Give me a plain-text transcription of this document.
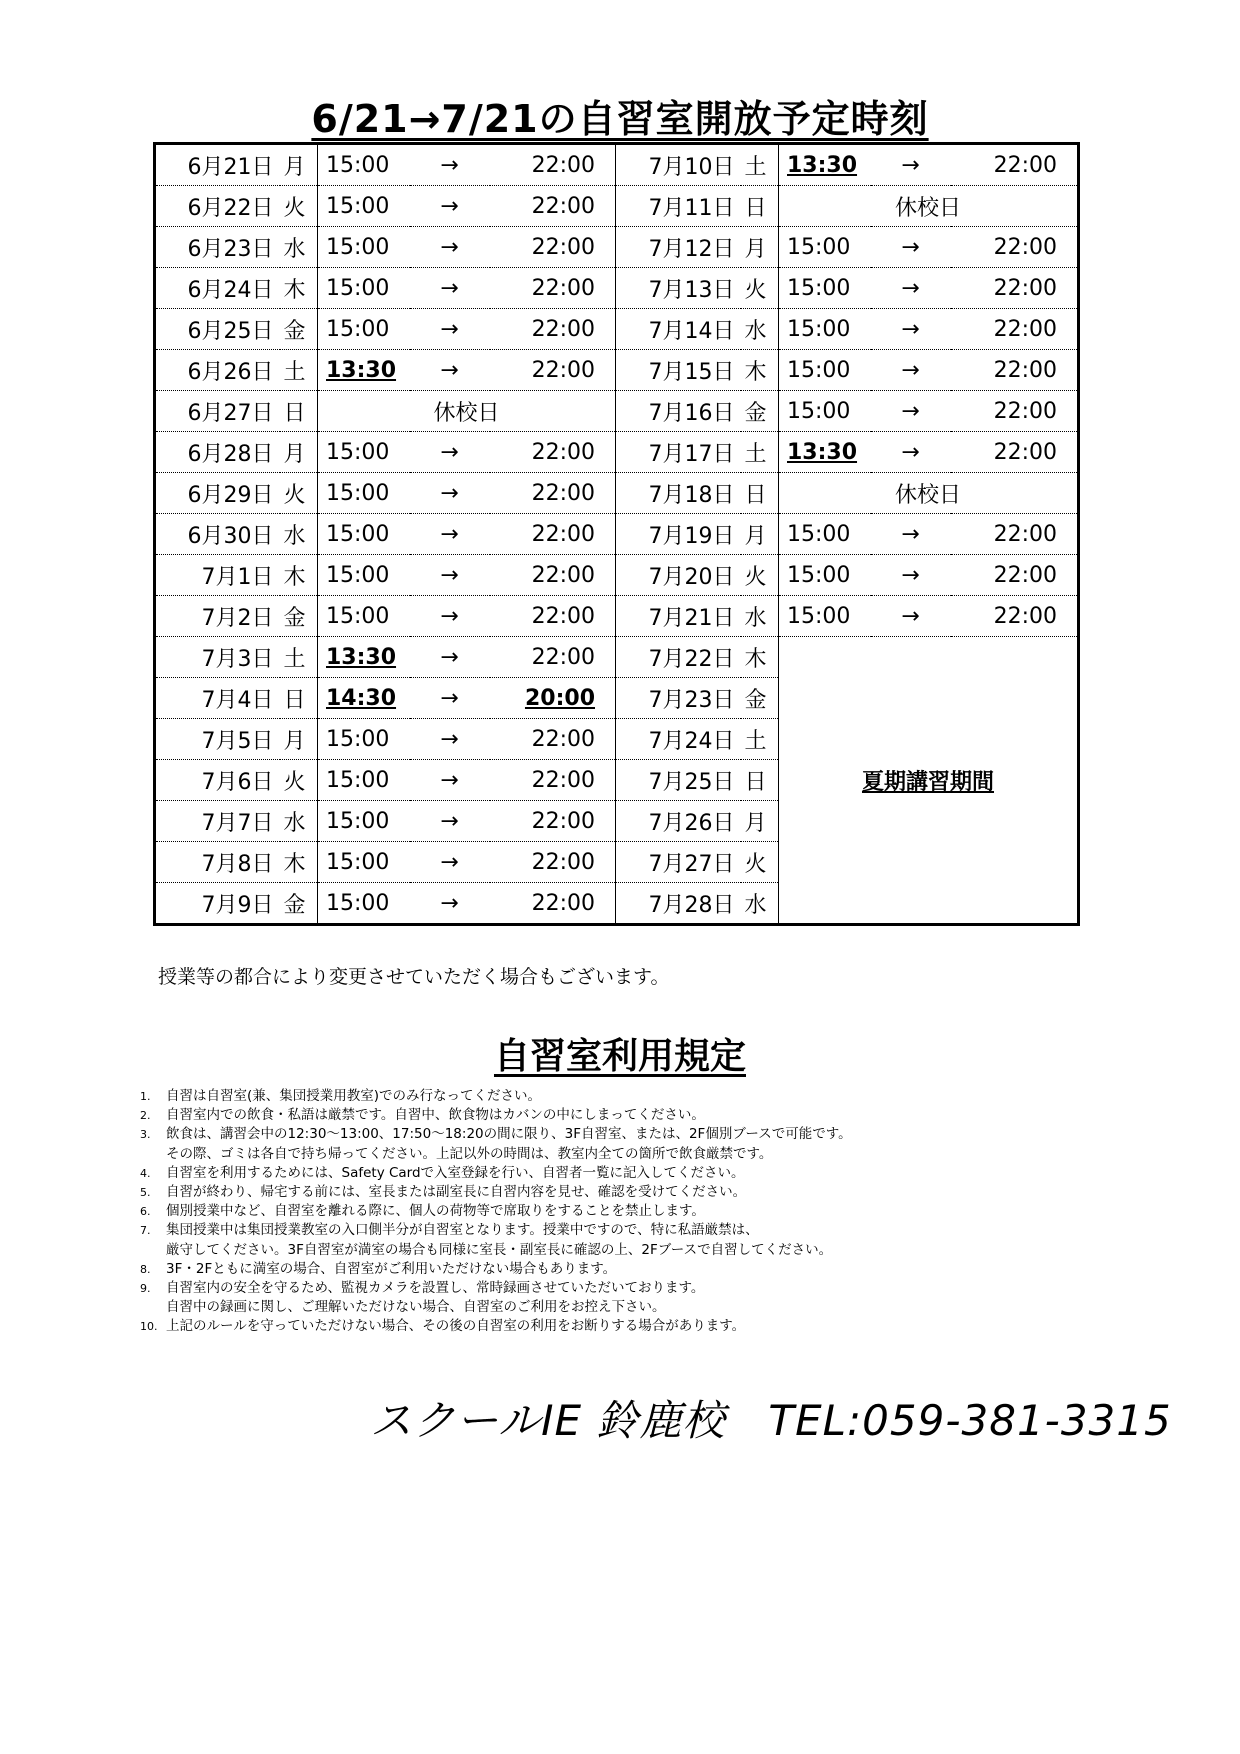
6/21→7/21の自習室開放予定時刻
6月21日	月	15:00	→	22:00	7月10日	土	13:30	→	22:00
6月22日	火	15:00	→	22:00	7月11日	日	休校日		
6月23日	水	15:00	→	22:00	7月12日	月	15:00	→	22:00
6月24日	木	15:00	→	22:00	7月13日	火	15:00	→	22:00
6月25日	金	15:00	→	22:00	7月14日	水	15:00	→	22:00
6月26日	土	13:30	→	22:00	7月15日	木	15:00	→	22:00
6月27日	日	休校日			7月16日	金	15:00	→	22:00
6月28日	月	15:00	→	22:00	7月17日	土	13:30	→	22:00
6月29日	火	15:00	→	22:00	7月18日	日	休校日		
6月30日	水	15:00	→	22:00	7月19日	月	15:00	→	22:00
7月1日	木	15:00	→	22:00	7月20日	火	15:00	→	22:00
7月2日	金	15:00	→	22:00	7月21日	水	15:00	→	22:00
7月3日	土	13:30	→	22:00	7月22日	木	夏期講習期間		
7月4日	日	14:30	→	20:00	7月23日	金			
7月5日	月	15:00	→	22:00	7月24日	土			
7月6日	火	15:00	→	22:00	7月25日	日			
7月7日	水	15:00	→	22:00	7月26日	月			
7月8日	木	15:00	→	22:00	7月27日	火			
7月9日	金	15:00	→	22:00	7月28日	水			
授業等の都合により変更させていただく場合もございます。
自習室利用規定
1.	自習は自習室(兼、集団授業用教室)でのみ行なってください。
2.	自習室内での飲食・私語は厳禁です。自習中、飲食物はカバンの中にしまってください。
3.	飲食は、講習会中の12:30～13:00、17:50～18:20の間に限り、3F自習室、または、2F個別ブースで可能です。
その際、ゴミは各自で持ち帰ってください。上記以外の時間は、教室内全ての箇所で飲食厳禁です。
4.	自習室を利用するためには、Safety Cardで入室登録を行い、自習者一覧に記入してください。
5.	自習が終わり、帰宅する前には、室長または副室長に自習内容を見せ、確認を受けてください。
6.	個別授業中など、自習室を離れる際に、個人の荷物等で席取りをすることを禁止します。
7.	集団授業中は集団授業教室の入口側半分が自習室となります。授業中ですので、特に私語厳禁は、
厳守してください。3F自習室が満室の場合も同様に室長・副室長に確認の上、2Fブースで自習してください。
8.	3F・2Fともに満室の場合、自習室がご利用いただけない場合もあります。
9.	自習室内の安全を守るため、監視カメラを設置し、常時録画させていただいております。
自習中の録画に関し、ご理解いただけない場合、自習室のご利用をお控え下さい。
10. 上記のルールを守っていただけない場合、その後の自習室の利用をお断りする場合があります。
スクールIE 鈴鹿校　TEL:059-381-3315
